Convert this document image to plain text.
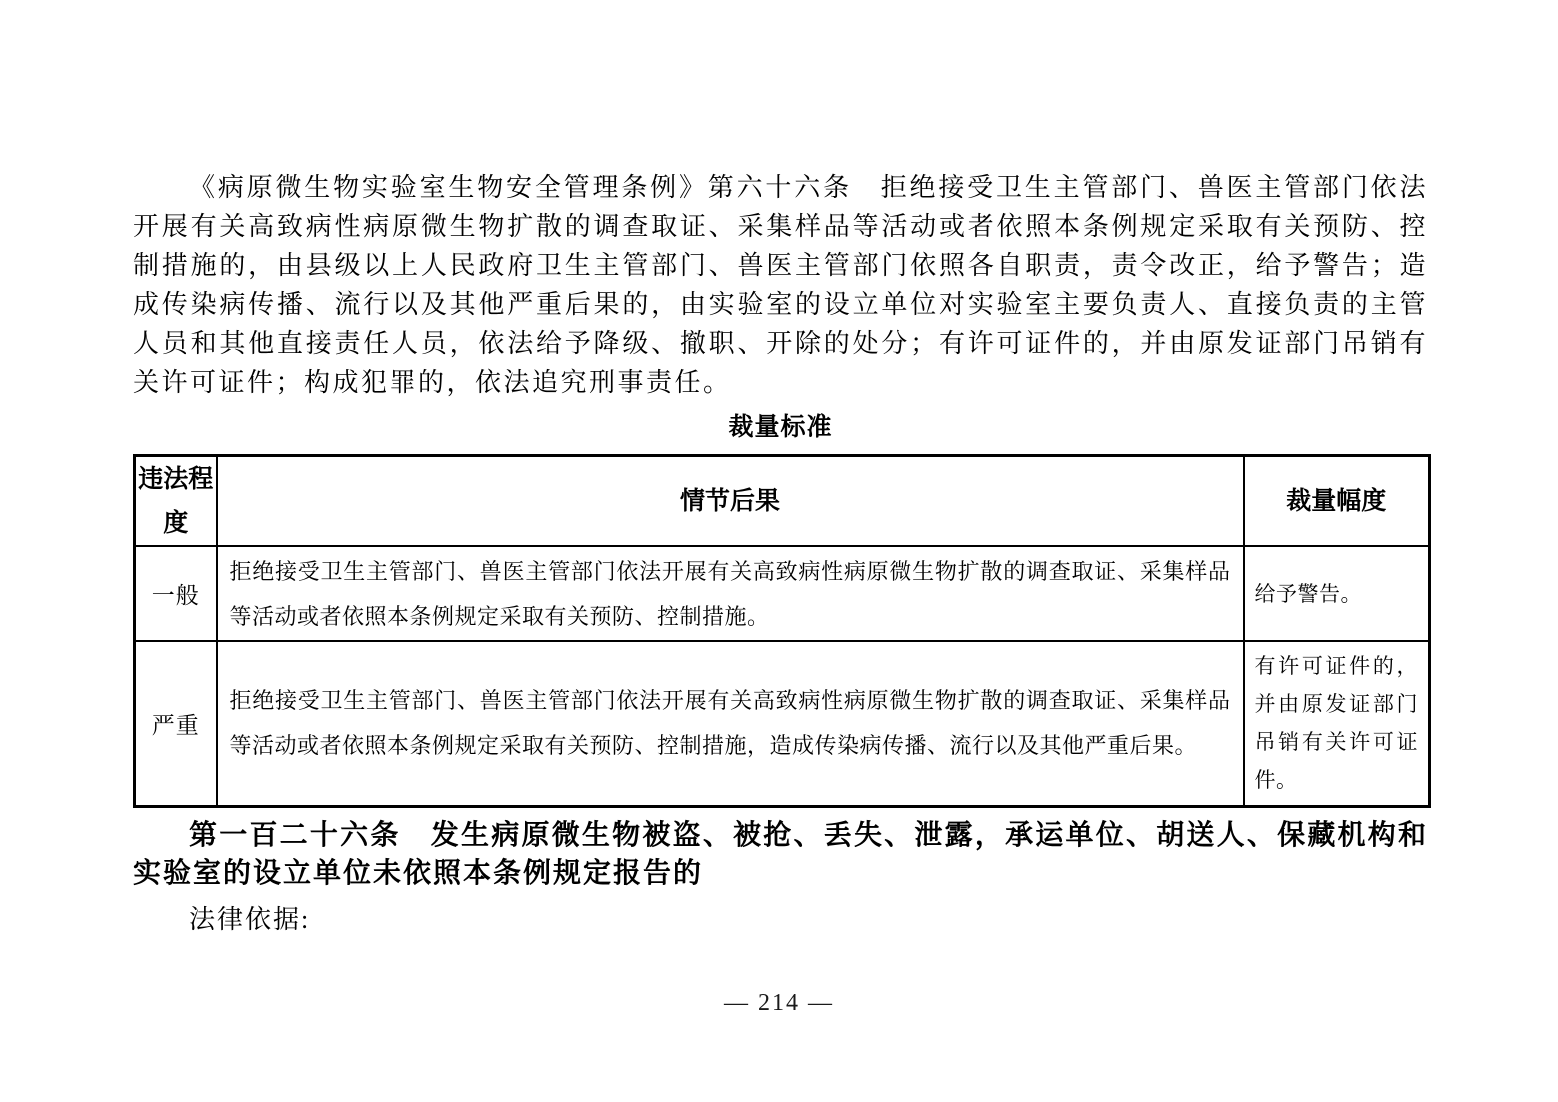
《病原微生物实验室生物安全管理条例》第六十六条　拒绝接受卫生主管部门、兽医主管部门依法开展有关高致病性病原微生物扩散的调查取证、采集样品等活动或者依照本条例规定采取有关预防、控制措施的，由县级以上人民政府卫生主管部门、兽医主管部门依照各自职责，责令改正，给予警告；造成传染病传播、流行以及其他严重后果的，由实验室的设立单位对实验室主要负责人、直接负责的主管人员和其他直接责任人员，依法给予降级、撤职、开除的处分；有许可证件的，并由原发证部门吊销有关许可证件；构成犯罪的，依法追究刑事责任。

裁量标准
违法程度	情节后果	裁量幅度
一般	拒绝接受卫生主管部门、兽医主管部门依法开展有关高致病性病原微生物扩散的调查取证、采集样品等活动或者依照本条例规定采取有关预防、控制措施。	给予警告。
严重	拒绝接受卫生主管部门、兽医主管部门依法开展有关高致病性病原微生物扩散的调查取证、采集样品等活动或者依照本条例规定采取有关预防、控制措施，造成传染病传播、流行以及其他严重后果。	有许可证件的，并由原发证部门吊销有关许可证件。

第一百二十六条　发生病原微生物被盗、被抢、丢失、泄露，承运单位、胡送人、保藏机构和实验室的设立单位未依照本条例规定报告的

法律依据:

— 214 —
